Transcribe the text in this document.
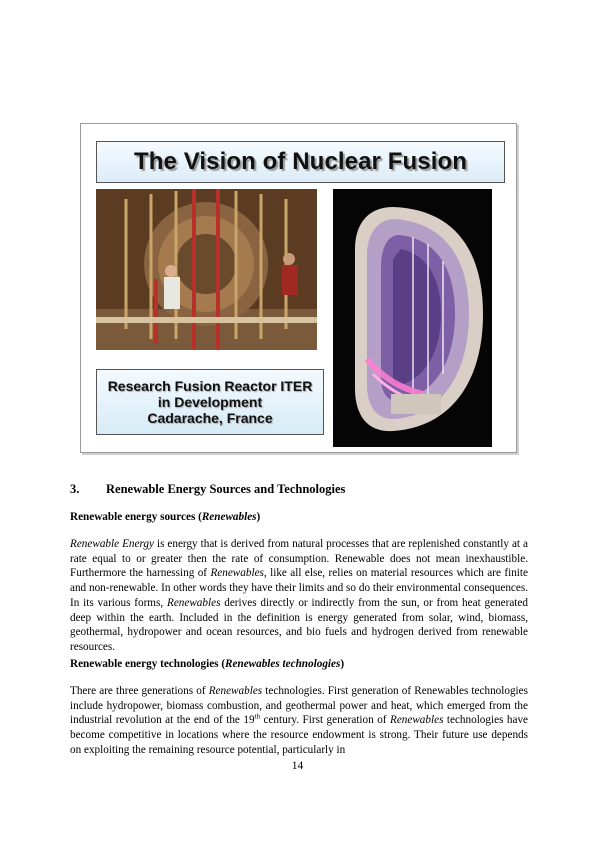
The Vision of Nuclear Fusion
Research Fusion Reactor ITER
in Development
Cadarache, France
3. Renewable Energy Sources and Technologies
Renewable energy sources (Renewables)
Renewable Energy is energy that is derived from natural processes that are replenished constantly at a rate equal to or greater then the rate of consumption. Renewable does not mean inexhaustible. Furthermore the harnessing of Renewables, like all else, relies on material resources which are finite and non-renewable. In other words they have their limits and so do their environmental consequences. In its various forms, Renewables derives directly or indirectly from the sun, or from heat generated deep within the earth. Included in the definition is energy generated from solar, wind, biomass, geothermal, hydropower and ocean resources, and bio fuels and hydrogen derived from renewable resources.
Renewable energy technologies (Renewables technologies)
There are three generations of Renewables technologies. First generation of Renewables technologies include hydropower, biomass combustion, and geothermal power and heat, which emerged from the industrial revolution at the end of the 19th century. First generation of Renewables technologies have become competitive in locations where the resource endowment is strong. Their future use depends on exploiting the remaining resource potential, particularly in
14
